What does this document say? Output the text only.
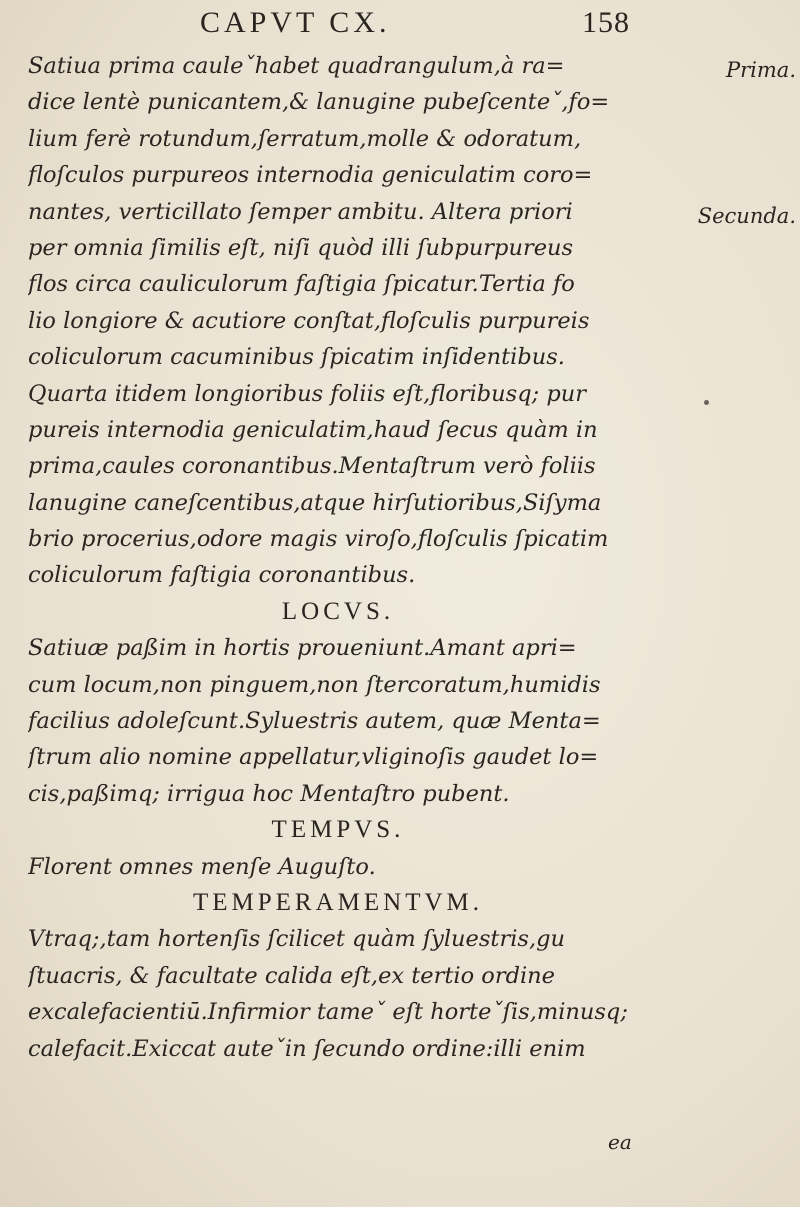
CAPVT CX.	158
Prima.
Secunda.
Satiua prima cauleˇhabet quadrangulum,à ra=
dice lentè punicantem,& lanugine pubeſcenteˇ,fo=
lium ferè rotundum,ſerratum,molle & odoratum,
floſculos purpureos internodia geniculatim coro=
nantes, verticillato ſemper ambitu. Altera priori
per omnia ſimilis eſt, niſi quòd illi ſubpurpureus
flos circa cauliculorum faſtigia ſpicatur.Tertia fo
lio longiore & acutiore conſtat,floſculis purpureis
coliculorum cacuminibus ſpicatim inſidentibus.
Quarta itidem longioribus foliis eſt,floribusq; pur
pureis internodia geniculatim,haud ſecus quàm in
prima,caules coronantibus.Mentaſtrum verò foliis
lanugine caneſcentibus,atque hirſutioribus,Siſyma
brio procerius,odore magis viroſo,floſculis ſpicatim
coliculorum faſtigia coronantibus.
LOCVS.
Satiuæ paßim in hortis proueniunt.Amant apri=
cum locum,non pinguem,non ſtercoratum,humidis
facilius adoleſcunt.Syluestris autem, quæ Menta=
ſtrum alio nomine appellatur,vliginoſis gaudet lo=
cis,paßimq; irrigua hoc Mentaſtro pubent.
TEMPVS.
Florent omnes menſe Auguſto.
TEMPERAMENTVM.
Vtraq;,tam hortenſis ſcilicet quàm ſyluestris,gu
ſtuacris, & facultate calida eſt,ex tertio ordine
excalefacientiū.Infirmior tameˇ eſt horteˇſis,minusq;
calefacit.Exiccat auteˇin ſecundo ordine:illi enim
ea
